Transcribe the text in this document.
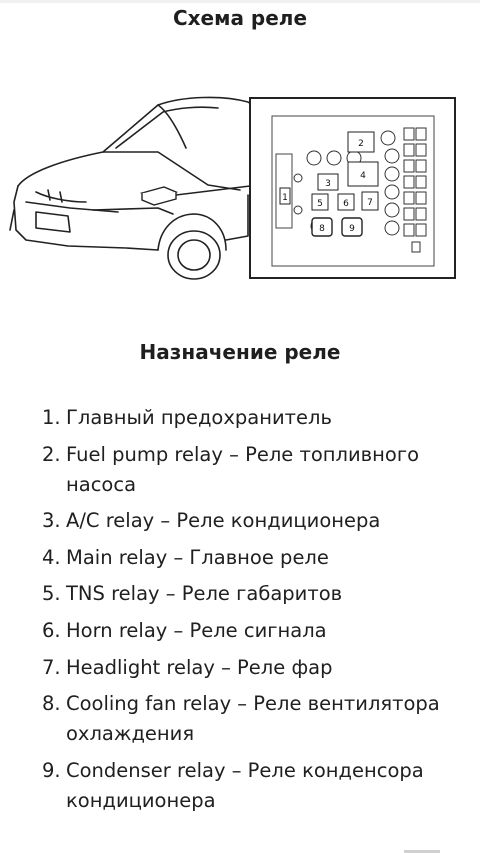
Схема реле
1
2
3
4
5 6 7
8	9
Назначение реле
1. Главный предохранитель
2. Fuel pump relay – Реле топливного насоса
3. A/C relay – Реле кондиционера
4. Main relay – Главное реле
5. TNS relay – Реле габаритов
6. Horn relay – Реле сигнала
7. Headlight relay – Реле фар
8. Cooling fan relay – Реле вентилятора охлаждения
9. Condenser relay – Реле конденсора кондиционера
